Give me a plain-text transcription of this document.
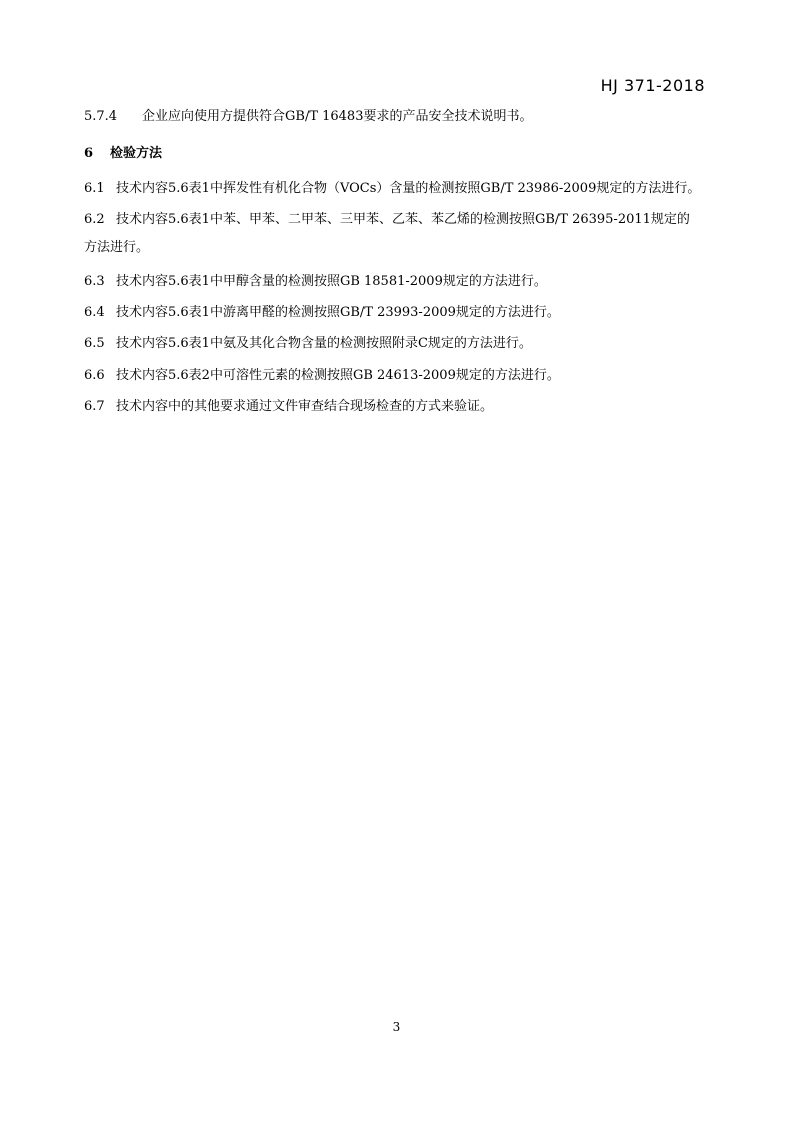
HJ 371-2018
5.7.4 企业应向使用方提供符合GB/T 16483要求的产品安全技术说明书。
6 检验方法
6.1 技术内容5.6表1中挥发性有机化合物（VOCs）含量的检测按照GB/T 23986-2009规定的方法进行。
6.2 技术内容5.6表1中苯、甲苯、二甲苯、三甲苯、乙苯、苯乙烯的检测按照GB/T 26395-2011规定的
方法进行。
6.3 技术内容5.6表1中甲醇含量的检测按照GB 18581-2009规定的方法进行。
6.4 技术内容5.6表1中游离甲醛的检测按照GB/T 23993-2009规定的方法进行。
6.5 技术内容5.6表1中氨及其化合物含量的检测按照附录C规定的方法进行。
6.6 技术内容5.6表2中可溶性元素的检测按照GB 24613-2009规定的方法进行。
6.7 技术内容中的其他要求通过文件审查结合现场检查的方式来验证。
3
